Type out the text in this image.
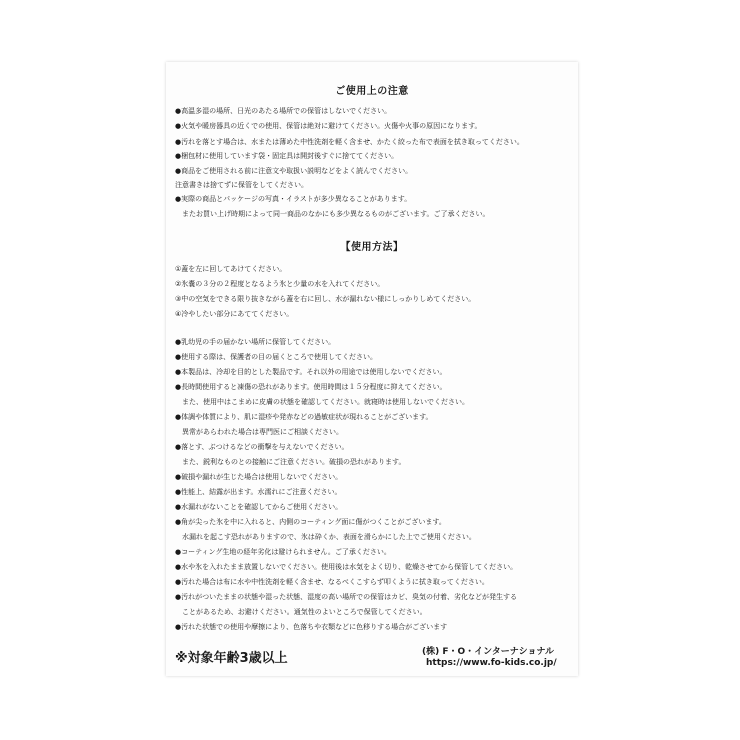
ご使用上の注意
●高温多湿の場所、日光のあたる場所での保管はしないでください。
●火気や暖房器具の近くでの使用、保管は絶対に避けてください。火傷や火事の原因になります。
●汚れを落とす場合は、水または薄めた中性洗剤を軽く含ませ、かたく絞った布で表面を拭き取ってください。
●梱包材に使用しています袋・固定具は開封後すぐに捨ててください。
●商品をご使用される前に注意文や取扱い説明などをよく読んでください。
注意書きは捨てずに保管をしてください。
●実際の商品とパッケージの写真・イラストが多少異なることがあります。
またお買い上げ時期によって同一商品のなかにも多少異なるものがございます。ご了承ください。
【使用方法】
①蓋を左に回してあけてください。
②氷嚢の３分の２程度となるよう氷と少量の水を入れてください。
③中の空気をできる限り抜きながら蓋を右に回し、水が漏れない様にしっかりしめてください。
④冷やしたい部分にあててください。
●乳幼児の手の届かない場所に保管してください。
●使用する際は、保護者の目の届くところで使用してください。
●本製品は、冷却を目的とした製品です。それ以外の用途では使用しないでください。
●長時間使用すると凍傷の恐れがあります。使用時間は１５分程度に抑えてください。
また、使用中はこまめに皮膚の状態を確認してください。就寝時は使用しないでください。
●体調や体質により、肌に湿疹や発赤などの過敏症状が現れることがございます。
異常があらわれた場合は専門医にご相談ください。
●落とす、ぶつけるなどの衝撃を与えないでください。
また、鋭利なものとの接触にご注意ください。破損の恐れがあります。
●破損や漏れが生じた場合は使用しないでください。
●性能上、結露が出ます。水濡れにご注意ください。
●水漏れがないことを確認してからご使用ください。
●角が尖った氷を中に入れると、内側のコーティング面に傷がつくことがございます。
水漏れを起こす恐れがありますので、氷は砕くか、表面を滑らかにした上でご使用ください。
●コーティング生地の経年劣化は避けられません。ご了承ください。
●水や氷を入れたまま放置しないでください。使用後は水気をよく切り、乾燥させてから保管してください。
●汚れた場合は布に水や中性洗剤を軽く含ませ、なるべくこすらず叩くように拭き取ってください。
●汚れがついたままの状態や湿った状態、湿度の高い場所での保管はカビ、臭気の付着、劣化などが発生する
ことがあるため、お避けください。通気性のよいところで保管してください。
●汚れた状態での使用や摩擦により、色落ちや衣類などに色移りする場合がございます
※対象年齢3歳以上	(株) F・O・インターナショナル
https://www.fo-kids.co.jp/
